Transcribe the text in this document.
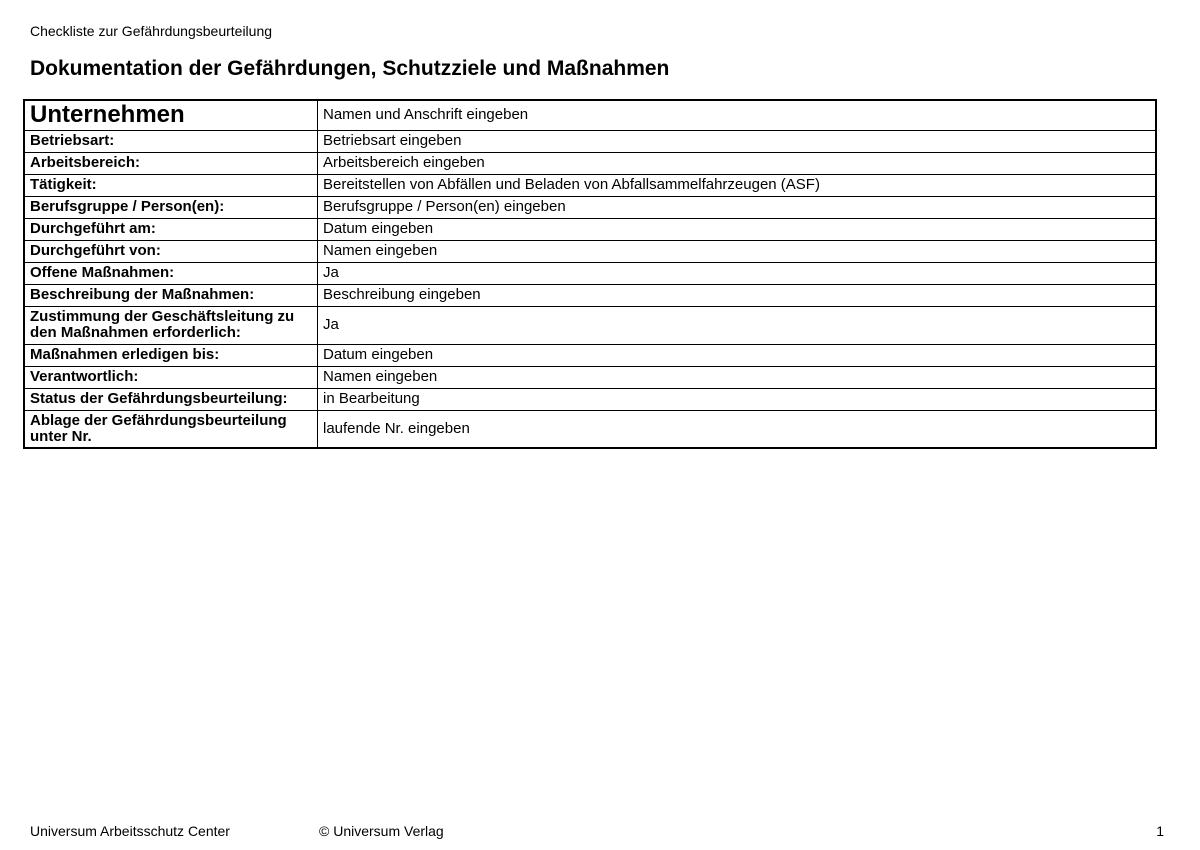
Checkliste zur Gefährdungsbeurteilung
Dokumentation der Gefährdungen, Schutzziele und Maßnahmen
Unternehmen	Namen und Anschrift eingeben
Betriebsart:	Betriebsart eingeben
Arbeitsbereich:	Arbeitsbereich eingeben
Tätigkeit:	Bereitstellen von Abfällen und Beladen von Abfallsammelfahrzeugen (ASF)
Berufsgruppe / Person(en):	Berufsgruppe / Person(en) eingeben
Durchgeführt am:	Datum eingeben
Durchgeführt von:	Namen eingeben
Offene Maßnahmen:	Ja
Beschreibung der Maßnahmen:	Beschreibung eingeben
Zustimmung der Geschäftsleitung zu den Maßnahmen erforderlich:	Ja
Maßnahmen erledigen bis:	Datum eingeben
Verantwortlich:	Namen eingeben
Status der Gefährdungsbeurteilung:	in Bearbeitung
Ablage der Gefährdungsbeurteilung unter Nr.	laufende Nr. eingeben
Universum Arbeitsschutz Center	© Universum Verlag	1
